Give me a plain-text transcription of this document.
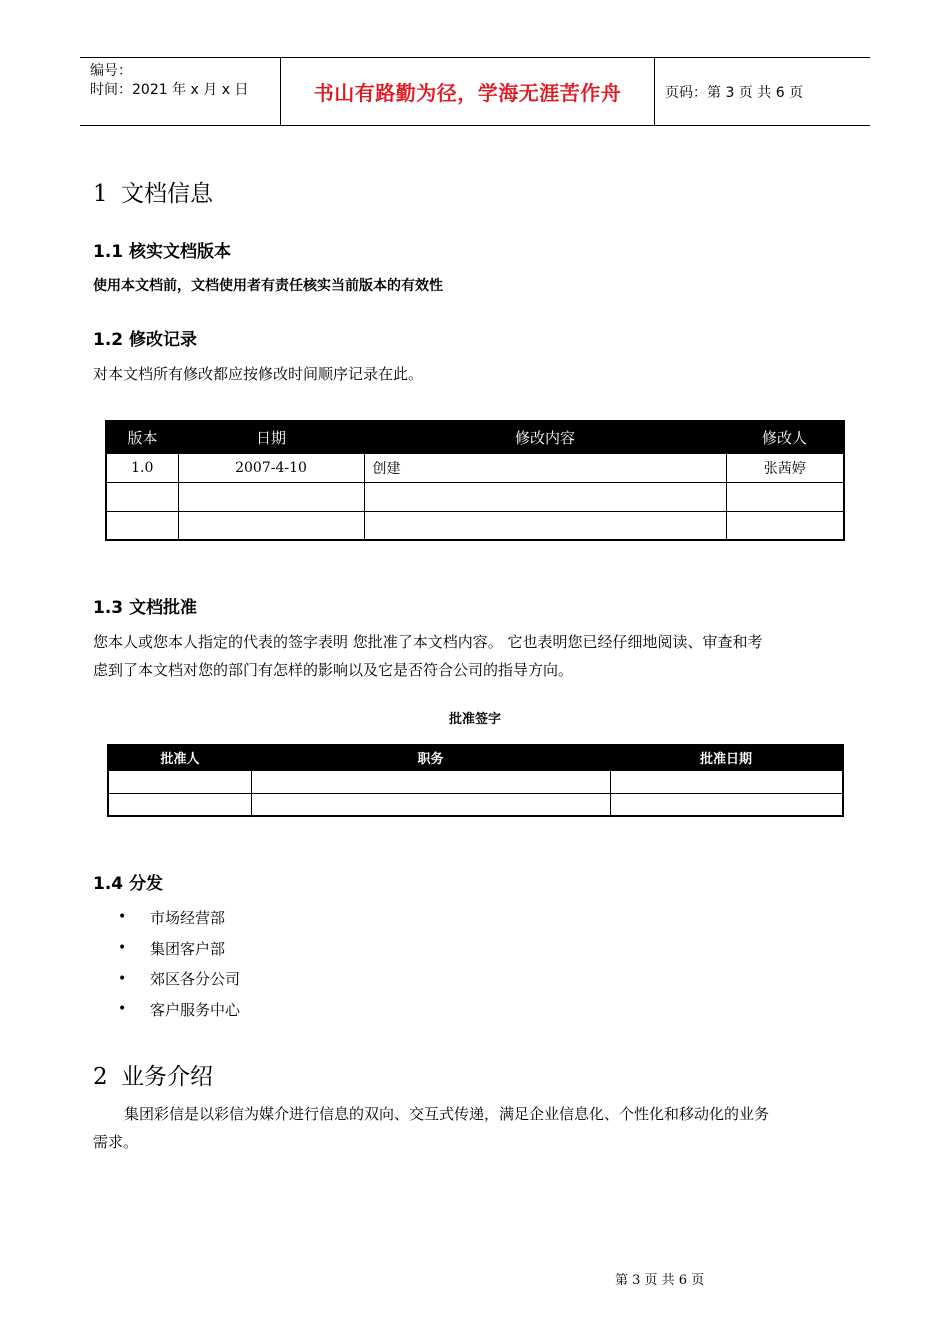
编号：
时间：2021 年 x 月 x 日	书山有路勤为径，学海无涯苦作舟	页码：第 3 页 共 6 页
1 文档信息
1.1 核实文档版本
使用本文档前，文档使用者有责任核实当前版本的有效性
1.2 修改记录
对本文档所有修改都应按修改时间顺序记录在此。
版本	日期	修改内容	修改人
1.0	2007-4-10	创建	张茜婷

1.3 文档批准
您本人或您本人指定的代表的签字表明 您批准了本文档内容。 它也表明您已经仔细地阅读、审查和考
虑到了本文档对您的部门有怎样的影响以及它是否符合公司的指导方向。
批准签字
批准人	职务	批准日期

1.4 分发
•	市场经营部
•	集团客户部
•	郊区各分公司
•	客户服务中心
2 业务介绍
集团彩信是以彩信为媒介进行信息的双向、交互式传递，满足企业信息化、个性化和移动化的业务
需求。
第 3 页 共 6 页
